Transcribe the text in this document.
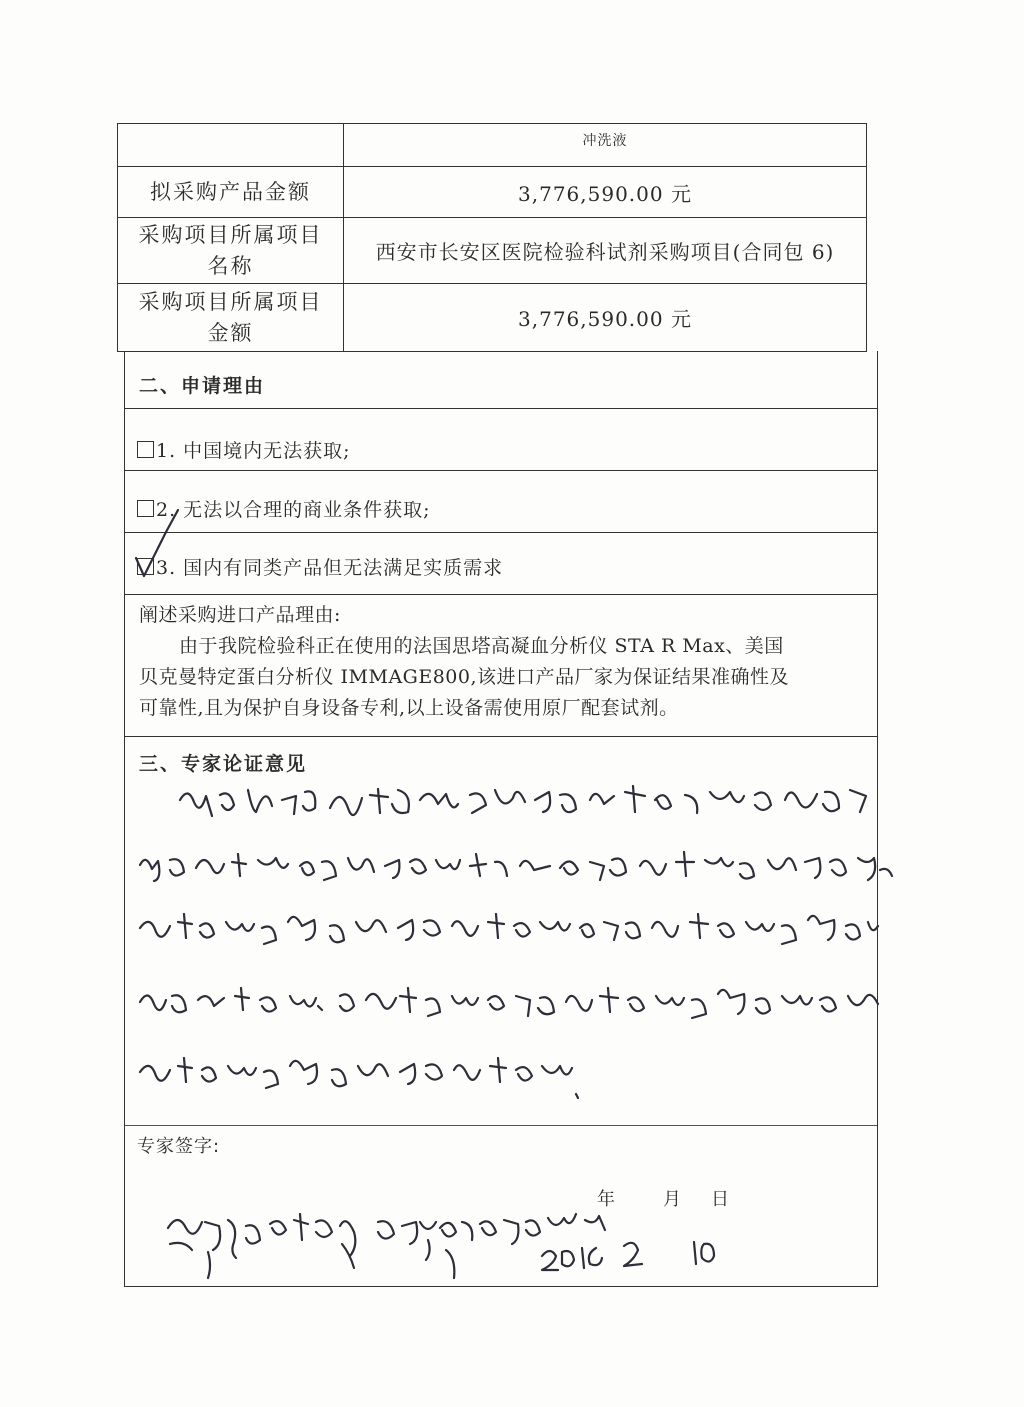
冲洗液
拟采购产品金额	3,776,590.00 元
采购项目所属项目
名称
西安市长安区医院检验科试剂采购项目(合同包 6)
采购项目所属项目
金额
3,776,590.00 元
二、申请理由
1. 中国境内无法获取;
2. 无法以合理的商业条件获取;
3. 国内有同类产品但无法满足实质需求
阐述采购进口产品理由:
由于我院检验科正在使用的法国思塔高凝血分析仪 STA R Max、美国
贝克曼特定蛋白分析仪 IMMAGE800,该进口产品厂家为保证结果准确性及
可靠性,且为保护自身设备专利,以上设备需使用原厂配套试剂。
三、专家论证意见
专家签字:
年	月 日
